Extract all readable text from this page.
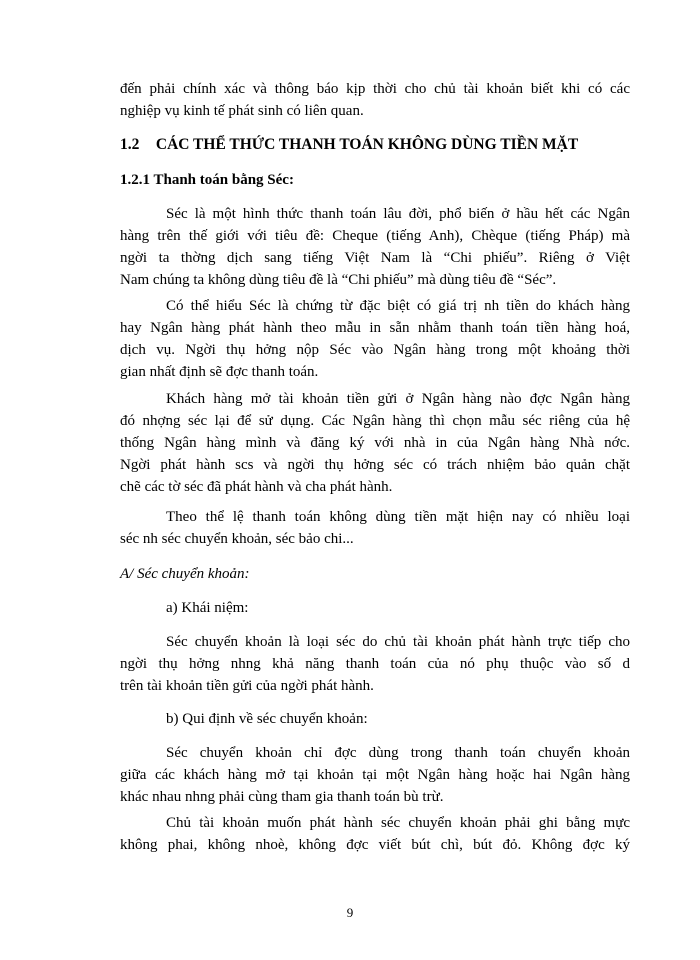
đến phải chính xác và thông báo kịp thời cho chủ tài khoản biết khi có các
nghiệp vụ kinh tế phát sinh có liên quan.
1.2 CÁC THỂ THỨC THANH TOÁN KHÔNG DÙNG TIỀN MẶT
1.2.1 Thanh toán bằng Séc:
Séc là một hình thức thanh toán lâu đời, phổ biến ở hầu hết các Ngân
hàng trên thế giới với tiêu đề: Cheque (tiếng Anh), Chèque (tiếng Pháp) mà
ngời ta thờng dịch sang tiếng Việt Nam là “Chi phiếu”. Riêng ở Việt
Nam chúng ta không dùng tiêu đề là “Chi phiếu” mà dùng tiêu đề “Séc”.
Có thể hiểu Séc là chứng từ đặc biệt có giá trị nh tiền do khách hàng
hay Ngân hàng phát hành theo mẫu in sẵn nhằm thanh toán tiền hàng hoá,
dịch vụ. Ngời thụ hởng nộp Séc vào Ngân hàng trong một khoảng thời
gian nhất định sẽ đợc thanh toán.
Khách hàng mở tài khoản tiền gửi ở Ngân hàng nào đợc Ngân hàng
đó nhợng séc lại để sử dụng. Các Ngân hàng thì chọn mẫu séc riêng của hệ
thống Ngân hàng mình và đăng ký với nhà in của Ngân hàng Nhà nớc.
Ngời phát hành scs và ngời thụ hởng séc có trách nhiệm bảo quản chặt
chẽ các tờ séc đã phát hành và cha phát hành.
Theo thể lệ thanh toán không dùng tiền mặt hiện nay có nhiều loại
séc nh séc chuyển khoản, séc bảo chi...
A/ Séc chuyển khoản:
a) Khái niệm:
Séc chuyển khoản là loại séc do chủ tài khoản phát hành trực tiếp cho
ngời thụ hởng nhng khả năng thanh toán của nó phụ thuộc vào số d
trên tài khoản tiền gửi của ngời phát hành.
b) Qui định về séc chuyển khoản:
Séc chuyển khoản chỉ đợc dùng trong thanh toán chuyển khoản
giữa các khách hàng mở tại khoản tại một Ngân hàng hoặc hai Ngân hàng
khác nhau nhng phải cùng tham gia thanh toán bù trừ.
Chủ tài khoản muốn phát hành séc chuyển khoản phải ghi bằng mực
không phai, không nhoè, không đợc viết bút chì, bút đỏ. Không đợc ký
9
